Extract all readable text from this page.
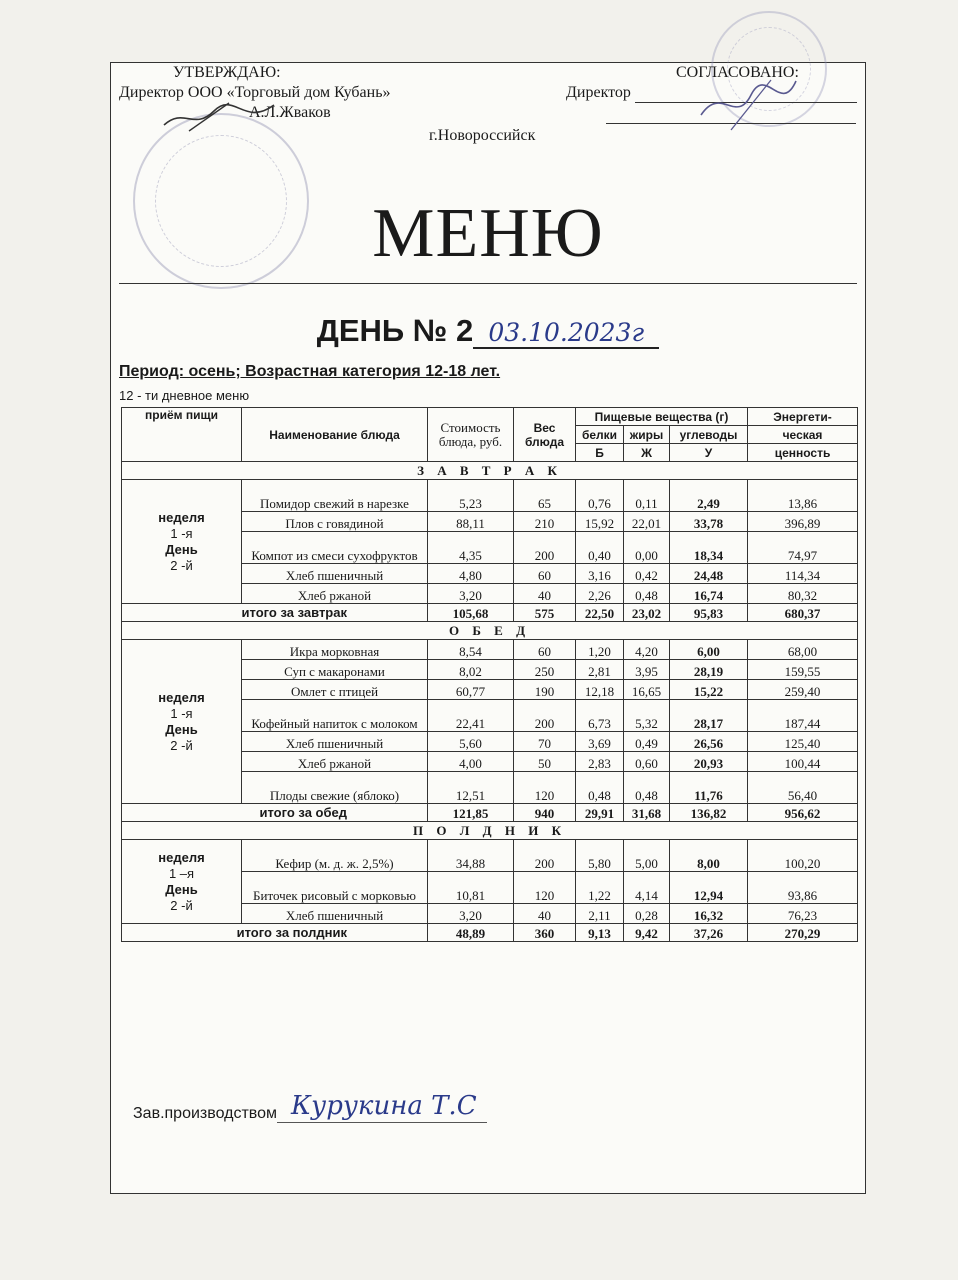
УТВЕРЖДАЮ:
Директор ООО «Торговый дом Кубань»
А.Л.Жваков
СОГЛАСОВАНО:
Директор
г.Новороссийск
МЕНЮ
ДЕНЬ № 2 03.10.2023г
Период: осень; Возрастная категория 12-18 лет.
12 - ти дневное меню
приём пищи	Наименование блюда	Стоимость блюда, руб.	Вес блюда	Пищевые вещества (г)			Энергети-
				белки	жиры	углеводы	ческая
				Б	Ж	У	ценность
З А В Т Р А К							

неделя
1 -я
День
2 -й	Помидор свежий в нарезке	5,23	65	0,76	0,11	2,49	13,86
	Плов с говядиной	88,11	210	15,92	22,01	33,78	396,89
	Компот из смеси сухофруктов	4,35	200	0,40	0,00	18,34	74,97
	Хлеб пшеничный	4,80	60	3,16	0,42	24,48	114,34
	Хлеб ржаной	3,20	40	2,26	0,48	16,74	80,32
итого за завтрак		105,68	575	22,50	23,02	95,83	680,37
О Б Е Д							

неделя
1 -я
День
2 -й	Икра морковная	8,54	60	1,20	4,20	6,00	68,00
	Суп с макаронами	8,02	250	2,81	3,95	28,19	159,55
	Омлет с птицей	60,77	190	12,18	16,65	15,22	259,40
	Кофейный напиток с молоком	22,41	200	6,73	5,32	28,17	187,44
	Хлеб пшеничный	5,60	70	3,69	0,49	26,56	125,40
	Хлеб ржаной	4,00	50	2,83	0,60	20,93	100,44
	Плоды свежие (яблоко)	12,51	120	0,48	0,48	11,76	56,40
итого за обед		121,85	940	29,91	31,68	136,82	956,62
П О Л Д Н И К							

неделя
1 –я
День
2 -й	Кефир (м. д. ж. 2,5%)	34,88	200	5,80	5,00	8,00	100,20
	Биточек рисовый с морковью	10,81	120	1,22	4,14	12,94	93,86
	Хлеб пшеничный	3,20	40	2,11	0,28	16,32	76,23
итого за полдник		48,89	360	9,13	9,42	37,26	270,29
Зав.производством Курукина Т.С
